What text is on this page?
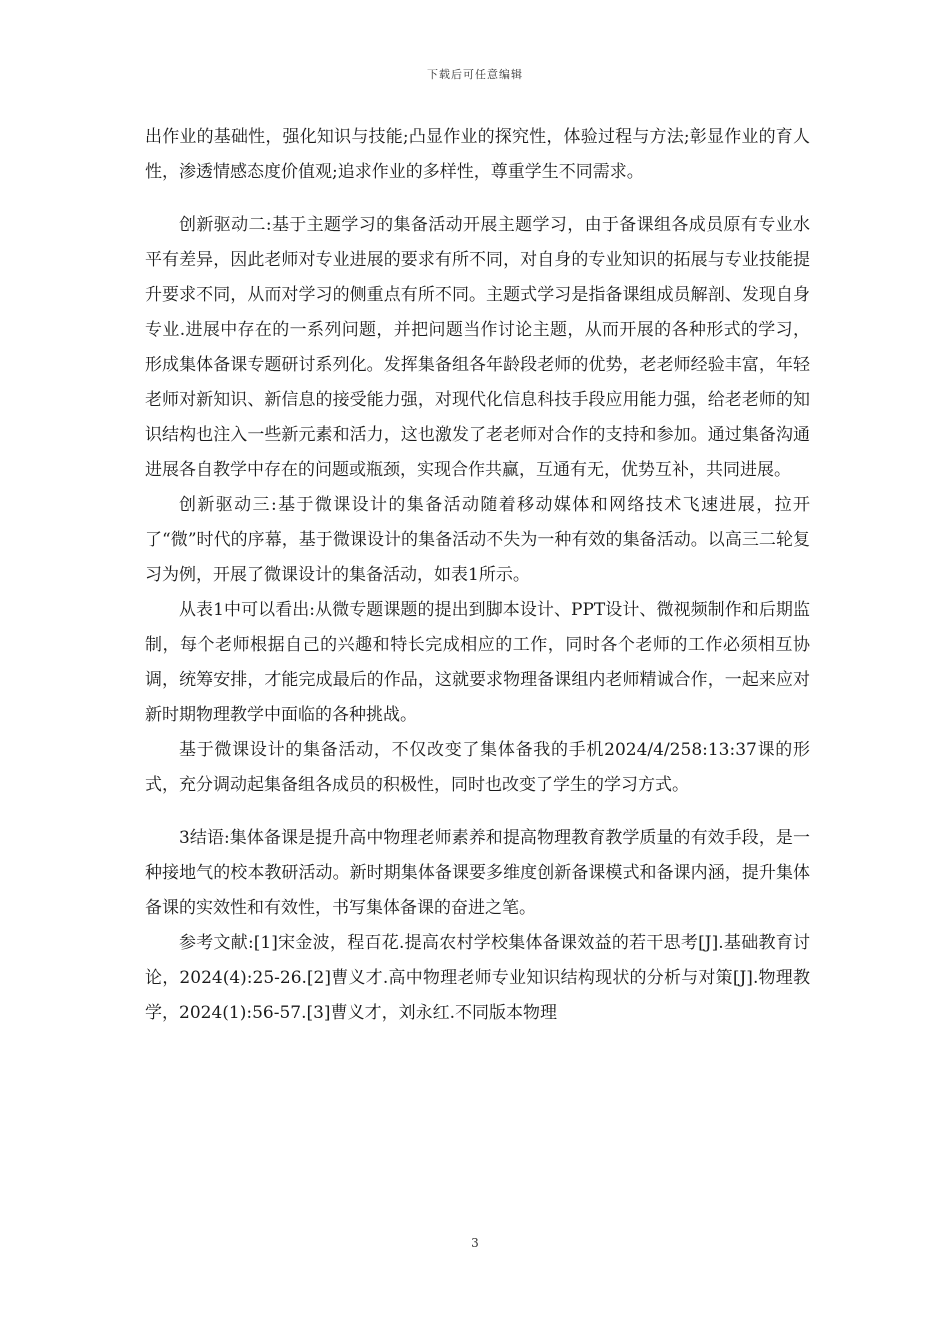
下载后可任意编辑

出作业的基础性，强化知识与技能;凸显作业的探究性，体验过程与方法;彰显作业的育人性，渗透情感态度价值观;追求作业的多样性，尊重学生不同需求。

创新驱动二:基于主题学习的集备活动开展主题学习，由于备课组各成员原有专业水平有差异，因此老师对专业进展的要求有所不同，对自身的专业知识的拓展与专业技能提升要求不同，从而对学习的侧重点有所不同。主题式学习是指备课组成员解剖、发现自身专业.进展中存在的一系列问题，并把问题当作讨论主题，从而开展的各种形式的学习，形成集体备课专题研讨系列化。发挥集备组各年龄段老师的优势，老老师经验丰富，年轻老师对新知识、新信息的接受能力强，对现代化信息科技手段应用能力强，给老老师的知识结构也注入一些新元素和活力，这也激发了老老师对合作的支持和参加。通过集备沟通进展各自教学中存在的问题或瓶颈，实现合作共赢，互通有无，优势互补，共同进展。

创新驱动三:基于微课设计的集备活动随着移动媒体和网络技术飞速进展，拉开了“微”时代的序幕，基于微课设计的集备活动不失为一种有效的集备活动。以高三二轮复习为例，开展了微课设计的集备活动，如表1所示。

从表1中可以看出:从微专题课题的提出到脚本设计、PPT设计、微视频制作和后期监制，每个老师根据自己的兴趣和特长完成相应的工作，同时各个老师的工作必须相互协调，统筹安排，才能完成最后的作品，这就要求物理备课组内老师精诚合作，一起来应对新时期物理教学中面临的各种挑战。

基于微课设计的集备活动，不仅改变了集体备我的手机2024/4/258:13:37课的形式，充分调动起集备组各成员的积极性，同时也改变了学生的学习方式。

3结语:集体备课是提升高中物理老师素养和提高物理教育教学质量的有效手段，是一种接地气的校本教研活动。新时期集体备课要多维度创新备课模式和备课内涵，提升集体备课的实效性和有效性，书写集体备课的奋进之笔。

参考文献:[1]宋金波，程百花.提高农村学校集体备课效益的若干思考[J].基础教育讨论，2024(4):25-26.[2]曹义才.高中物理老师专业知识结构现状的分析与对策[J].物理教学，2024(1):56-57.[3]曹义才，刘永红.不同版本物理

3
